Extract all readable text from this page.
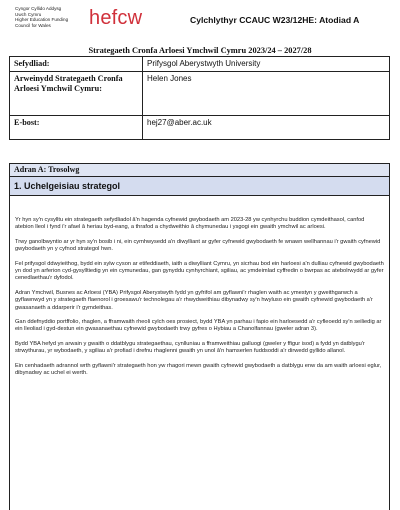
Cyngor Cyllido Addysg
Uwch Cymru
Higher Education Funding
Council for Wales	hefcw	Cylchlythyr CCAUC W23/12HE: Atodiad A
Strategaeth Cronfa Arloesi Ymchwil Cymru 2023/24 – 2027/28
Sefydliad:	Prifysgol Aberystwyth University
Arweinydd Strategaeth Cronfa Arloesi Ymchwil Cymru:	Helen Jones
E-bost:	hej27@aber.ac.uk
Adran A: Trosolwg
1. Uchelgeisiau strategol

Yr hyn sy'n cysylltu ein strategaeth sefydliadol â'n hagenda cyfnewid gwybodaeth am 2023-28 yw cynhyrchu buddion cymdeithasol, canfod atebion lleol i fynd i'r afael â heriau byd-eang, a thrafod a chydweithio â chymunedau i ysgogi ein gwaith ymchwil ac arloesi.

Trwy ganolbwyntio ar yr hyn sy'n bosib i ni, ein cymhwysedd a'n diwylliant ar gyfer cyfnewid gwybodaeth fe wnawn wellhannau i'r gwaith cyfnewid gwybodaeth yn y cyfnod strategol hwn.

Fel prifysgol ddwyieithog, bydd ein sylw cyson ar etifeddiaeth, iaith a diwylliant Cymru, yn sicrhau bod ein harloesi a'n dulliau cyfnewid gwybodaeth yn dod yn arferion cyd-gysylltiedig yn ein cymunedau, gan gynyddu cynhyrchiant, sgiliau, ac ymdeimlad cyffredin o bwrpas ac atebolrwydd ar gyfer cenedlaethau'r dyfodol.

Adran Ymchwil, Busnes ac Arloesi (YBA) Prifysgol Aberystwyth fydd yn gyfrifol am gyflawni'r rhaglen waith ac ymestyn y gweithgarwch a gyflawnwyd yn y strategaeth flaenorol i groesawu'r technolegau a'r rhwydweithiau dibynadwy sy'n hwyluso ein gwaith cyfnewid gwybodaeth a'r gwasanaeth a ddarperir i'r gymdeithas.

Gan ddefnyddio portffolio, rhaglen, a fframwaith rheoli cylch oes prosiect, bydd YBA yn parhau i fapio ein harloesedd a'r cyfleoedd sy'n seiliedig ar ein lleoliad i gyd-destun ein gwasanaethau cyfnewid gwybodaeth trwy gyfres o Hybiau a Chanolfannau (gweler adran 3).

Bydd YBA hefyd yn arwain y gwaith o ddatblygu strategaethau, cynlluniau a fframweithiau galluogi (gweler y ffigur isod) a fydd yn datblygu'r strwythurau, yr wybodaeth, y sgiliau a'r profiad i drefnu rhaglenni gwaith yn unol â'n hamserlen fuddsoddi a'r dirwedd gyllido allanol.

Ein cenhadaeth adrannol wrth gyflawni'r strategaeth hon yw rhagori mewn gwaith cyfnewid gwybodaeth a datblygu enw da am waith arloesi eglur, dibynadwy ac uchel ei werth.
